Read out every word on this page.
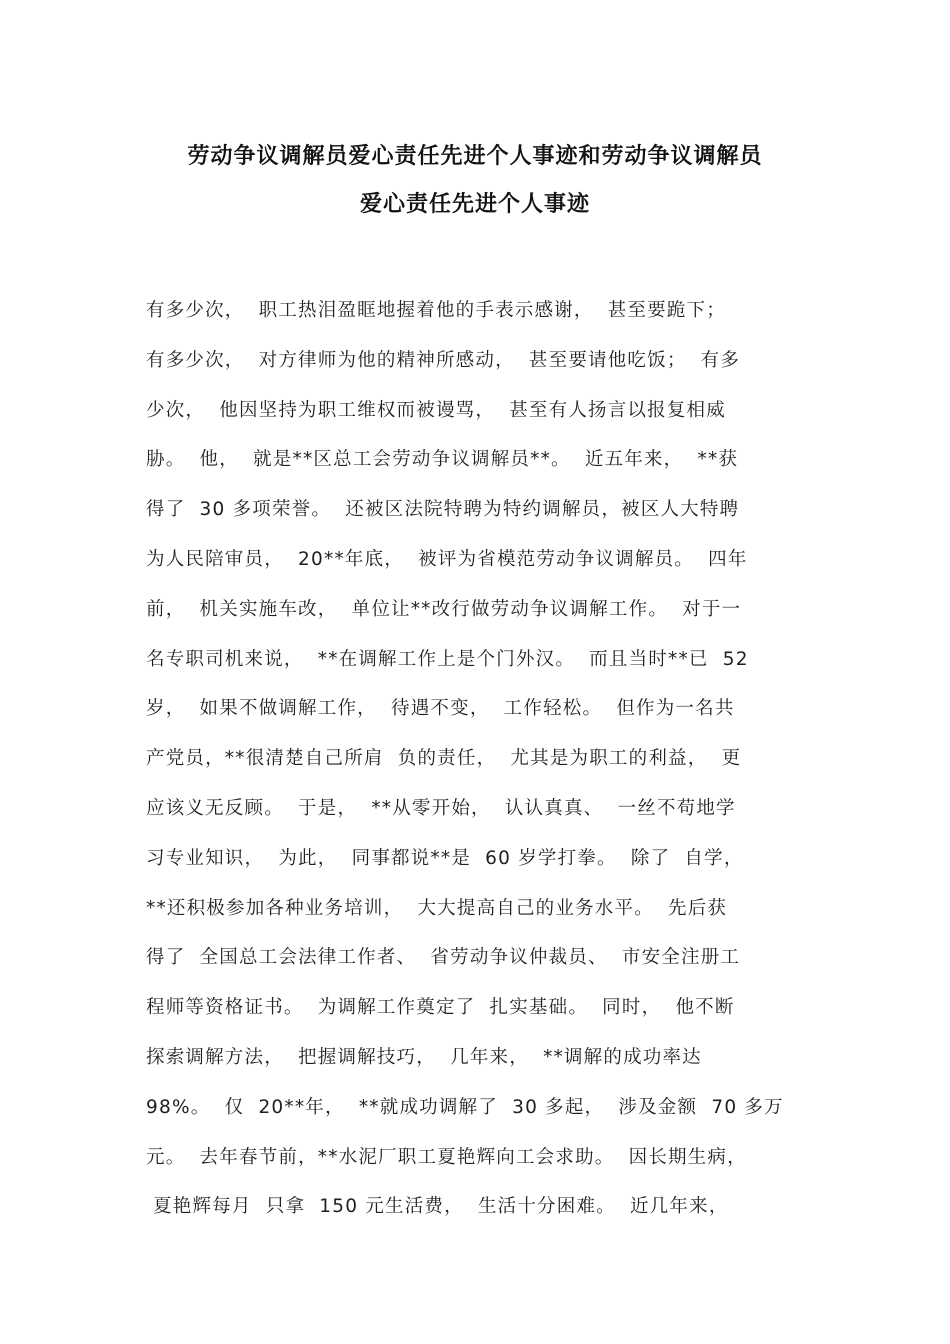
劳动争议调解员爱心责任先进个人事迹和劳动争议调解员
爱心责任先进个人事迹
有多少次，  职工热泪盈眶地握着他的手表示感谢，  甚至要跪下；
有多少次，  对方律师为他的精神所感动，  甚至要请他吃饭；  有多
少次，  他因坚持为职工维权而被谩骂，  甚至有人扬言以报复相威
胁。  他，  就是**区总工会劳动争议调解员**。  近五年来，  **获
得了  30 多项荣誉。  还被区法院特聘为特约调解员，被区人大特聘
为人民陪审员，  20**年底，  被评为省模范劳动争议调解员。  四年
前，  机关实施车改，  单位让**改行做劳动争议调解工作。  对于一
名专职司机来说，  **在调解工作上是个门外汉。  而且当时**已  52
岁，  如果不做调解工作，  待遇不变，  工作轻松。  但作为一名共
产党员，**很清楚自己所肩  负的责任，  尤其是为职工的利益，  更
应该义无反顾。  于是，  **从零开始，  认认真真、  一丝不苟地学
习专业知识，  为此，  同事都说**是  60 岁学打拳。  除了  自学，
**还积极参加各种业务培训，  大大提高自己的业务水平。  先后获
得了  全国总工会法律工作者、  省劳动争议仲裁员、  市安全注册工
程师等资格证书。  为调解工作奠定了  扎实基础。  同时，  他不断
探索调解方法，  把握调解技巧，  几年来，  **调解的成功率达
98%。  仅  20**年，  **就成功调解了  30 多起，  涉及金额  70 多万
元。  去年春节前，**水泥厂职工夏艳辉向工会求助。  因长期生病，
夏艳辉每月  只拿  150 元生活费，  生活十分困难。  近几年来，
